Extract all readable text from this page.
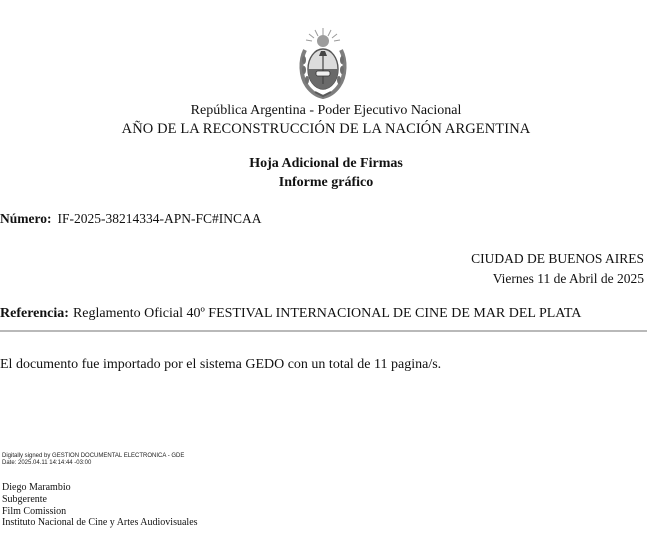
República Argentina - Poder Ejecutivo Nacional
AÑO DE LA RECONSTRUCCIÓN DE LA NACIÓN ARGENTINA
Hoja Adicional de Firmas
Informe gráfico
Número: IF-2025-38214334-APN-FC#INCAA
CIUDAD DE BUENOS AIRES
Viernes 11 de Abril de 2025
Referencia: Reglamento Oficial 40º FESTIVAL INTERNACIONAL DE CINE DE MAR DEL PLATA
El documento fue importado por el sistema GEDO con un total de 11 pagina/s.
Digitally signed by GESTION DOCUMENTAL ELECTRONICA - GDE
Date: 2025.04.11 14:14:44 -03:00
Diego Marambio
Subgerente
Film Comission
Instituto Nacional de Cine y Artes Audiovisuales
